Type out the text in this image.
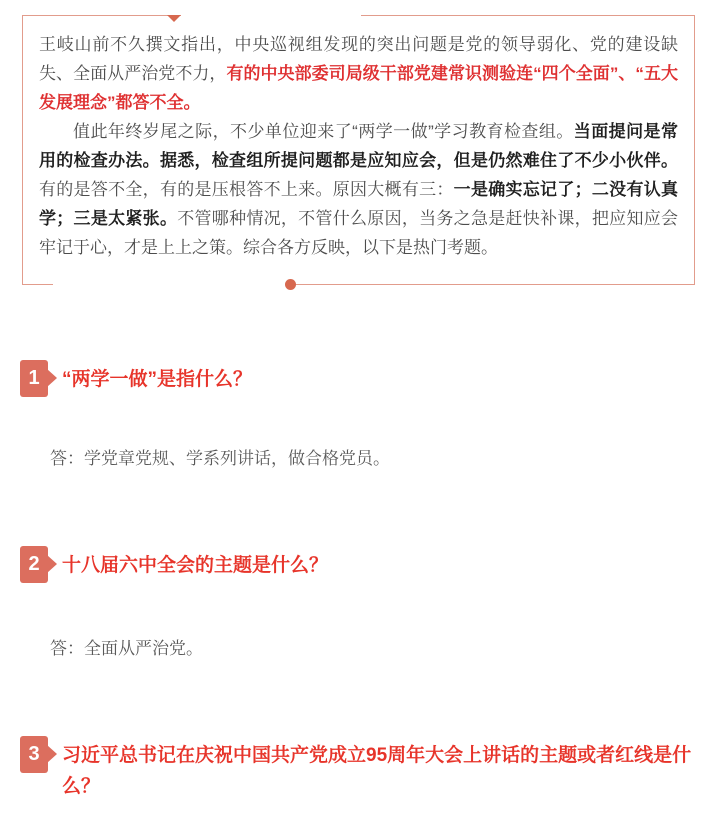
王岐山前不久撰文指出，中央巡视组发现的突出问题是党的领导弱化、党的建设缺失、全面从严治党不力，有的中央部委司局级干部党建常识测验连“四个全面”、“五大发展理念”都答不全。

值此年终岁尾之际，不少单位迎来了“两学一做”学习教育检查组。当面提问是常用的检查办法。据悉，检查组所提问题都是应知应会，但是仍然难住了不少小伙伴。有的是答不全，有的是压根答不上来。原因大概有三：一是确实忘记了；二没有认真学；三是太紧张。不管哪种情况，不管什么原因，当务之急是赶快补课，把应知应会牢记于心，才是上上之策。综合各方反映，以下是热门考题。

1 “两学一做”是指什么？
答：学党章党规、学系列讲话，做合格党员。
2 十八届六中全会的主题是什么？
答：全面从严治党。
3 习近平总书记在庆祝中国共产党成立95周年大会上讲话的主题或者红线是什么？
